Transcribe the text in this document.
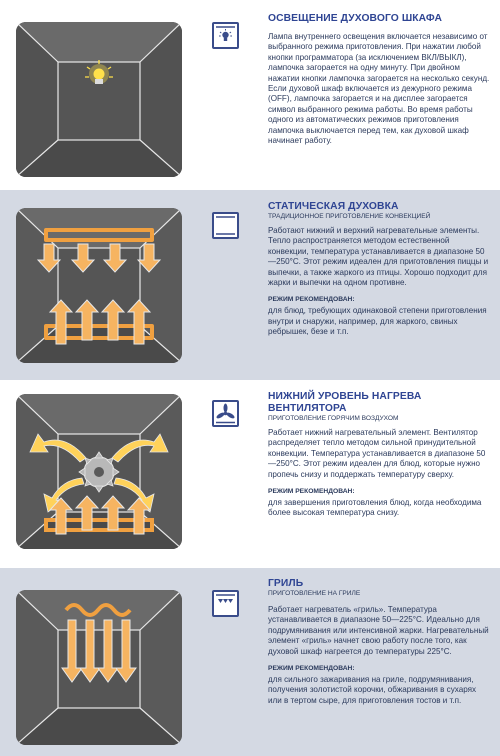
ОСВЕЩЕНИЕ ДУХОВОГО ШКАФА
Лампа внутреннего освещения включается независимо от выбранного режима приготовления. При нажатии любой кнопки программатора (за исключением ВКЛ/ВЫКЛ), лампочка загорается на одну минуту. При двойном нажатии кнопки лампочка загорается на несколько секунд. Если духовой шкаф включается из дежурного режима (OFF), лампочка загорается и на дисплее загорается символ выбранного режима работы. Во время работы одного из автоматических режимов приготовления лампочка выключается перед тем, как духовой шкаф начинает работу.
СТАТИЧЕСКАЯ ДУХОВКА
ТРАДИЦИОННОЕ ПРИГОТОВЛЕНИЕ КОНВЕКЦИЕЙ
Работают нижний и верхний нагревательные элементы. Тепло распространяется методом естественной конвекции, температура устанавливается в диапазоне 50—250°С. Этот режим идеален для приготовления пиццы и выпечки, а также жаркого из птицы. Хорошо подходит для жарки и выпечки на одном противне.
РЕЖИМ РЕКОМЕНДОВАН:
для блюд, требующих одинаковой степени приготовления внутри и снаружи, например, для жаркого, свиных ребрышек, безе и т.п.
НИЖНИЙ УРОВЕНЬ НАГРЕВА ВЕНТИЛЯТОРА
ПРИГОТОВЛЕНИЕ ГОРЯЧИМ ВОЗДУХОМ
Работает нижний нагревательный элемент. Вентилятор распределяет тепло методом сильной принудительной конвекции. Температура устанавливается в диапазоне 50—250°С. Этот режим идеален для блюд, которые нужно пропечь снизу и поддержать температуру сверху.
РЕЖИМ РЕКОМЕНДОВАН:
для завершения приготовления блюд, когда необходима более высокая температура снизу.
ГРИЛЬ
ПРИГОТОВЛЕНИЕ НА ГРИЛЕ
Работает нагреватель «гриль». Температура устанавливается в диапазоне 50—225°С. Идеально для подрумянивания или интенсивной жарки. Нагревательный элемент «гриль» начнет свою работу после того, как духовой шкаф нагреется до температуры 225°С.
РЕЖИМ РЕКОМЕНДОВАН:
для сильного зажаривания на гриле, подрумянивания, получения золотистой корочки, обжаривания в сухарях или в тертом сыре, для приготовления тостов и т.п.
